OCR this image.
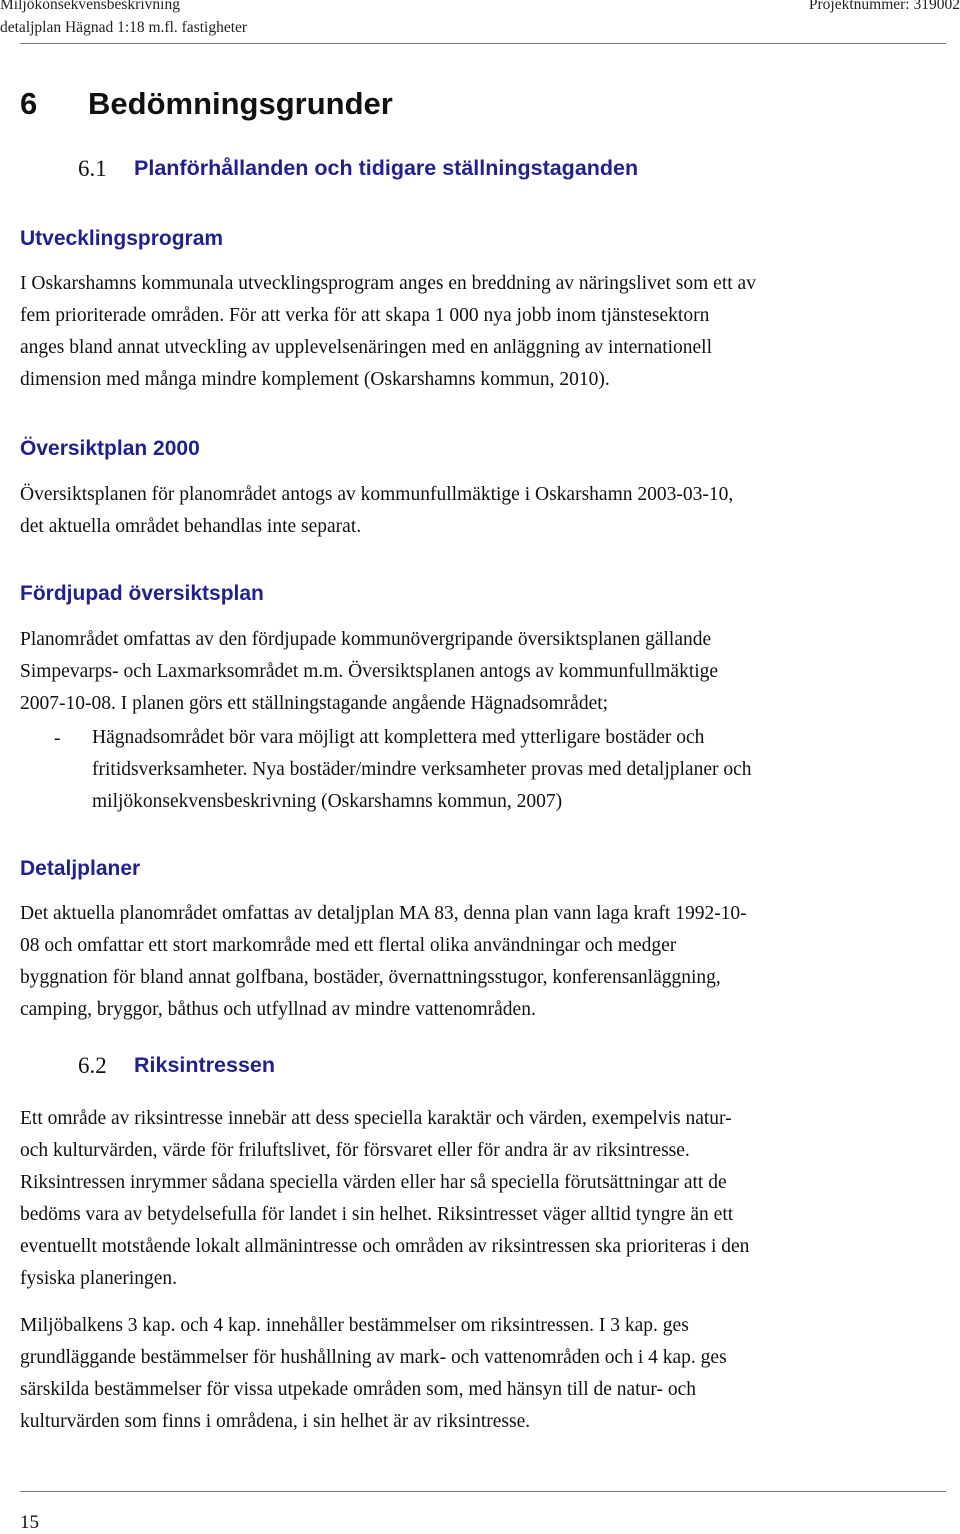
Miljökonsekvensbeskrivning
detaljplan Hägnad 1:18 m.fl. fastigheter
Projektnummer: 319002
6 Bedömningsgrunder
6.1 Planförhållanden och tidigare ställningstaganden
Utvecklingsprogram
I Oskarshamns kommunala utvecklingsprogram anges en breddning av näringslivet som ett av
fem prioriterade områden. För att verka för att skapa 1 000 nya jobb inom tjänstesektorn
anges bland annat utveckling av upplevelsenäringen med en anläggning av internationell
dimension med många mindre komplement (Oskarshamns kommun, 2010).
Översiktplan 2000
Översiktsplanen för planområdet antogs av kommunfullmäktige i Oskarshamn 2003-03-10,
det aktuella området behandlas inte separat.
Fördjupad översiktsplan
Planområdet omfattas av den fördjupade kommunövergripande översiktsplanen gällande
Simpevarps- och Laxmarksområdet m.m. Översiktsplanen antogs av kommunfullmäktige
2007-10-08. I planen görs ett ställningstagande angående Hägnadsområdet;
- Hägnadsområdet bör vara möjligt att komplettera med ytterligare bostäder och
fritidsverksamheter. Nya bostäder/mindre verksamheter provas med detaljplaner och
miljökonsekvensbeskrivning (Oskarshamns kommun, 2007)
Detaljplaner
Det aktuella planområdet omfattas av detaljplan MA 83, denna plan vann laga kraft 1992-10-
08 och omfattar ett stort markområde med ett flertal olika användningar och medger
byggnation för bland annat golfbana, bostäder, övernattningsstugor, konferensanläggning,
camping, bryggor, båthus och utfyllnad av mindre vattenområden.
6.2 Riksintressen
Ett område av riksintresse innebär att dess speciella karaktär och värden, exempelvis natur-
och kulturvärden, värde för friluftslivet, för försvaret eller för andra är av riksintresse.
Riksintressen inrymmer sådana speciella värden eller har så speciella förutsättningar att de
bedöms vara av betydelsefulla för landet i sin helhet. Riksintresset väger alltid tyngre än ett
eventuellt motstående lokalt allmänintresse och områden av riksintressen ska prioriteras i den
fysiska planeringen.
Miljöbalkens 3 kap. och 4 kap. innehåller bestämmelser om riksintressen. I 3 kap. ges
grundläggande bestämmelser för hushållning av mark- och vattenområden och i 4 kap. ges
särskilda bestämmelser för vissa utpekade områden som, med hänsyn till de natur- och
kulturvärden som finns i områdena, i sin helhet är av riksintresse.
15
